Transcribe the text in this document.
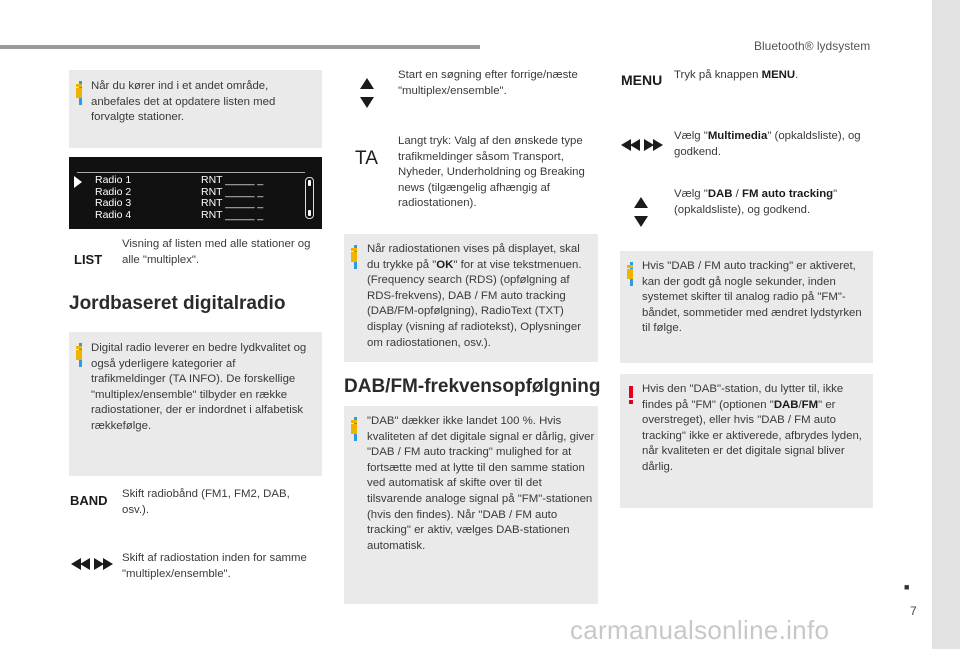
Bluetooth® lydsystem
Når du kører ind i et andet område, anbefales det at opdatere listen med forvalgte stationer.
Radio 1	RNT _____ _
Radio 2	RNT _____ _
Radio 3	RNT _____ _
Radio 4	RNT _____ _
LIST
Visning af listen med alle stationer og alle "multiplex".
Jordbaseret digitalradio
Digital radio leverer en bedre lydkvalitet og også yderligere kategorier af trafikmeldinger (TA INFO). De forskellige "multiplex/ensemble" tilbyder en række radiostationer, der er indordnet i alfabetisk rækkefølge.
BAND Skift radiobånd (FM1, FM2, DAB, osv.).
Skift af radiostation inden for samme "multiplex/ensemble".
Start en søgning efter forrige/næste "multiplex/ensemble".
TA
Langt tryk: Valg af den ønskede type trafikmeldinger såsom Transport, Nyheder, Underholdning og Breaking news (tilgængelig afhængig af radiostationen).
Når radiostationen vises på displayet, skal du trykke på "OK" for at vise tekstmenuen. (Frequency search (RDS) (opfølgning af RDS-frekvens), DAB / FM auto tracking (DAB/FM-opfølgning), RadioText (TXT) display (visning af radiotekst), Oplysninger om radiostationen, osv.).
DAB/FM-frekvensopfølgning
"DAB" dækker ikke landet 100 %. Hvis kvaliteten af det digitale signal er dårlig, giver "DAB / FM auto tracking" mulighed for at fortsætte med at lytte til den samme station ved automatisk af skifte over til det tilsvarende analoge signal på "FM"-stationen (hvis den findes). Når "DAB / FM auto tracking" er aktiv, vælges DAB-stationen automatisk.
MENU Tryk på knappen MENU.
Vælg "Multimedia" (opkaldsliste), og godkend.
Vælg "DAB / FM auto tracking" (opkaldsliste), og godkend.
Hvis "DAB / FM auto tracking" er aktiveret, kan der godt gå nogle sekunder, inden systemet skifter til analog radio på "FM"-båndet, sommetider med ændret lydstyrken til følge.
Hvis den "DAB"-station, du lytter til, ikke findes på "FM" (optionen "DAB/FM" er overstreget), eller hvis "DAB / FM auto tracking" ikke er aktiverede, afbrydes lyden, når kvaliteten er det digitale signal bliver dårlig.
■
7
carmanualsonline.info
